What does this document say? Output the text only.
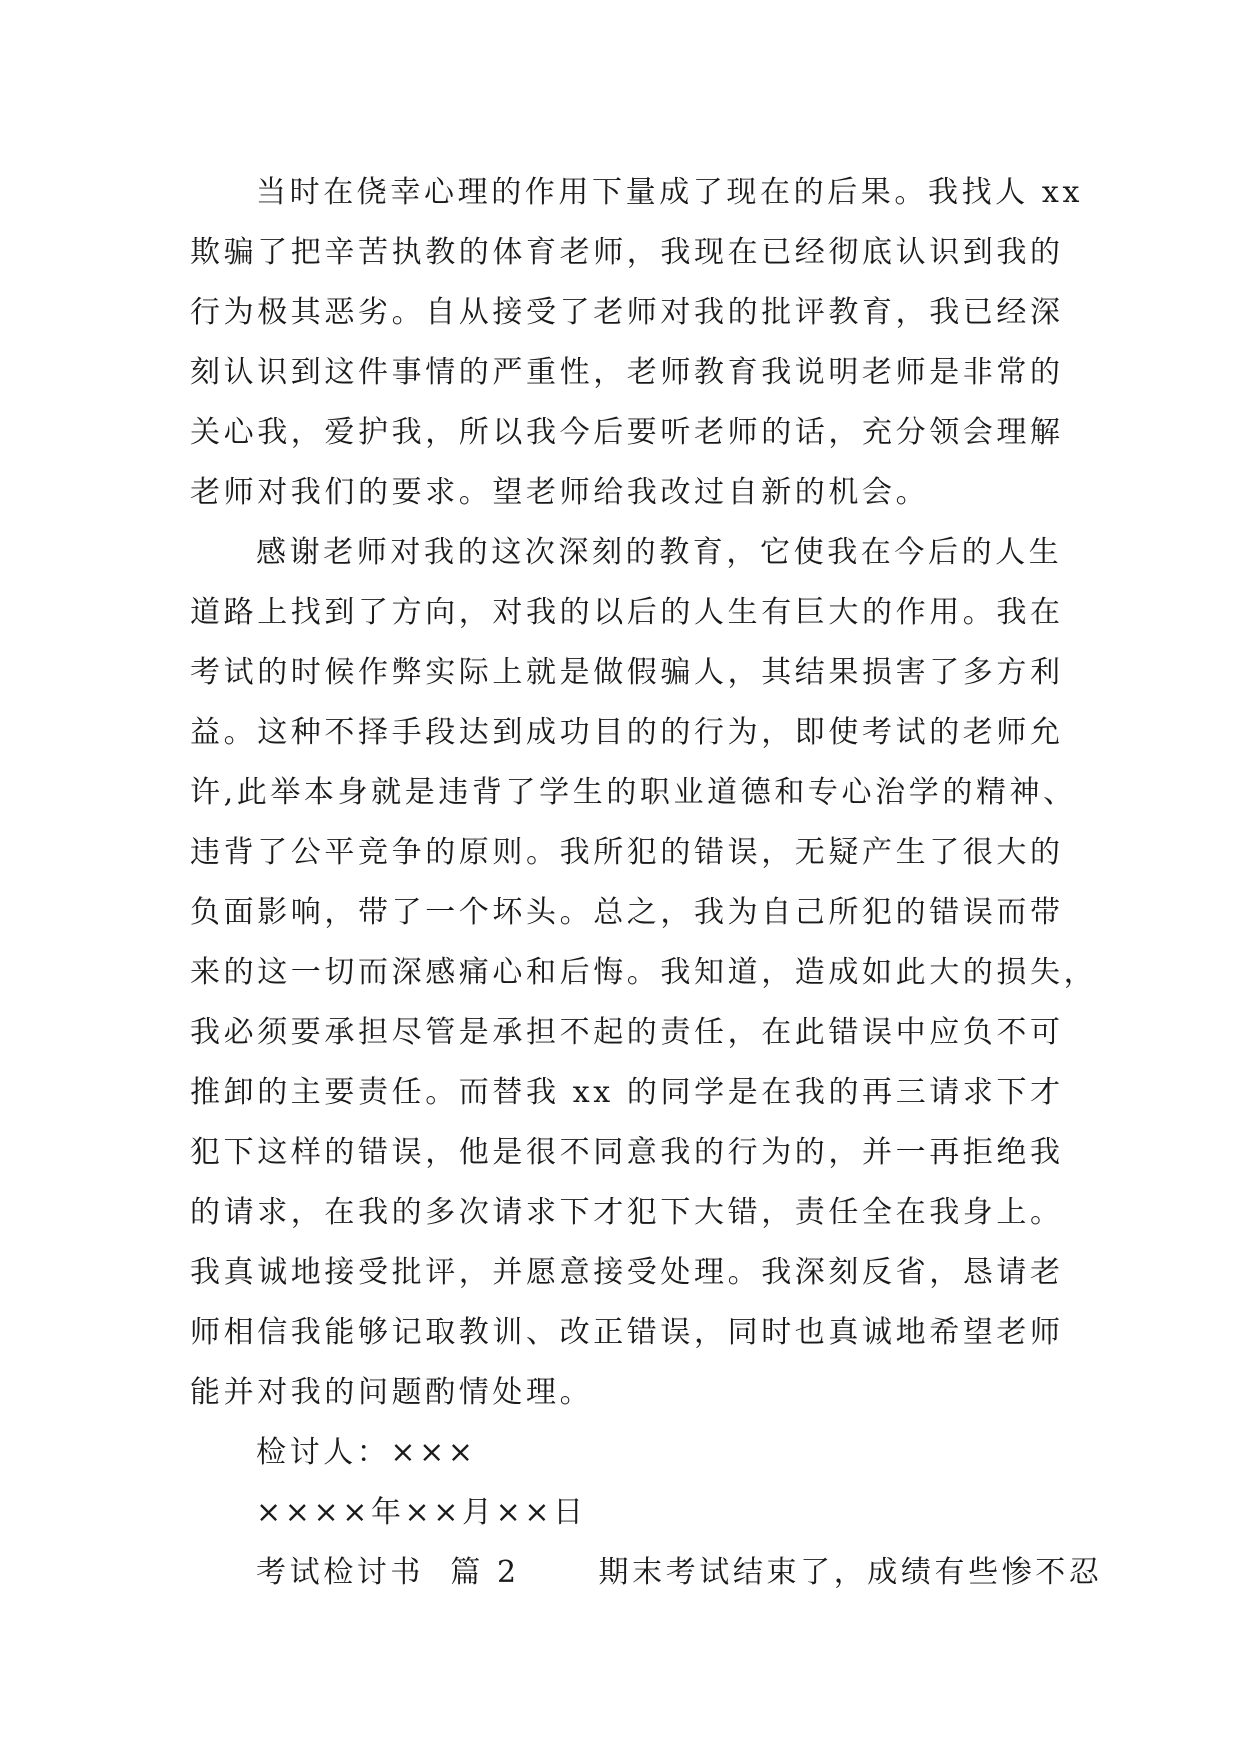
当时在侥幸心理的作用下量成了现在的后果。我找人 xx
欺骗了把辛苦执教的体育老师，我现在已经彻底认识到我的
行为极其恶劣。自从接受了老师对我的批评教育，我已经深
刻认识到这件事情的严重性，老师教育我说明老师是非常的
关心我，爱护我，所以我今后要听老师的话，充分领会理解
老师对我们的要求。望老师给我改过自新的机会。
感谢老师对我的这次深刻的教育，它使我在今后的人生
道路上找到了方向，对我的以后的人生有巨大的作用。我在
考试的时候作弊实际上就是做假骗人，其结果损害了多方利
益。这种不择手段达到成功目的的行为，即使考试的老师允
许,此举本身就是违背了学生的职业道德和专心治学的精神、
违背了公平竞争的原则。我所犯的错误，无疑产生了很大的
负面影响，带了一个坏头。总之，我为自己所犯的错误而带
来的这一切而深感痛心和后悔。我知道，造成如此大的损失，
我必须要承担尽管是承担不起的责任，在此错误中应负不可
推卸的主要责任。而替我 xx 的同学是在我的再三请求下才
犯下这样的错误，他是很不同意我的行为的，并一再拒绝我
的请求，在我的多次请求下才犯下大错，责任全在我身上。
我真诚地接受批评，并愿意接受处理。我深刻反省，恳请老
师相信我能够记取教训、改正错误，同时也真诚地希望老师
能并对我的问题酌情处理。
检讨人：×××
××××年××月××日
考试检讨书  篇 2      期末考试结束了，成绩有些惨不忍
